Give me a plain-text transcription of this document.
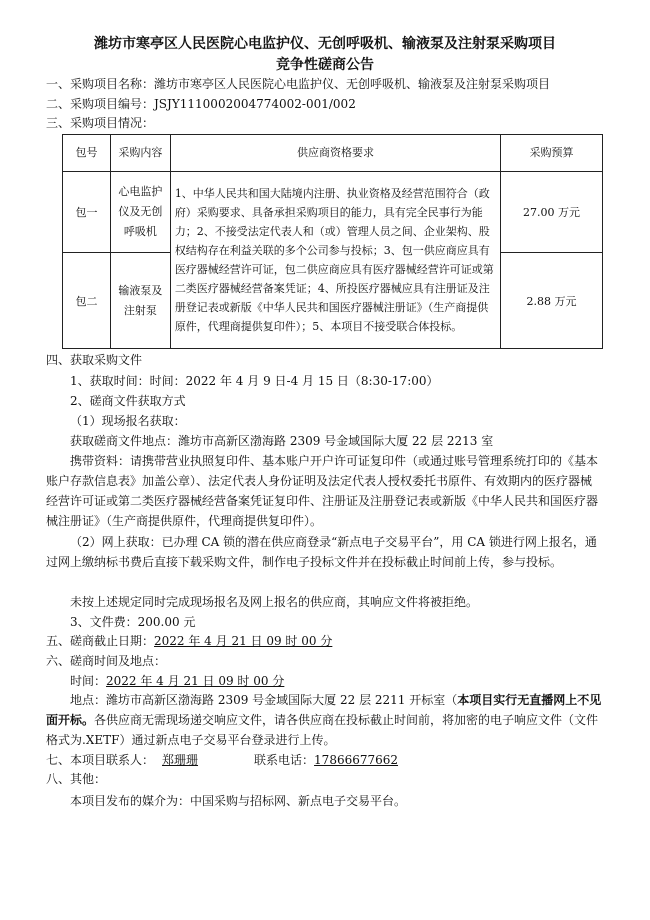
潍坊市寒亭区人民医院心电监护仪、无创呼吸机、输液泵及注射泵采购项目
竞争性磋商公告
一、采购项目名称：潍坊市寒亭区人民医院心电监护仪、无创呼吸机、输液泵及注射泵采购项目
二、采购项目编号：JSJY1110002004774002-001/002
三、采购项目情况：
包号	采购内容	供应商资格要求	采购预算
包一	心电监护仪及无创呼吸机	1、中华人民共和国大陆境内注册、执业资格及经营范围符合（政府）采购要求、具备承担采购项目的能力，具有完全民事行为能力；2、不接受法定代表人和（或）管理人员之间、企业架构、股权结构存在利益关联的多个公司参与投标；3、包一供应商应具有医疗器械经营许可证，包二供应商应具有医疗器械经营许可证或第二类医疗器械经营备案凭证；4、所投医疗器械应具有注册证及注册登记表或新版《中华人民共和国医疗器械注册证》（生产商提供原件，代理商提供复印件）；5、本项目不接受联合体投标。	27.00 万元
包二	输液泵及注射泵		2.88 万元
四、获取采购文件
1、获取时间：时间：2022 年 4 月 9 日-4 月 15 日（8:30-17:00）
2、磋商文件获取方式
（1）现场报名获取：
获取磋商文件地点：潍坊市高新区渤海路 2309 号金域国际大厦 22 层 2213 室
携带资料：请携带营业执照复印件、基本账户开户许可证复印件（或通过账号管理系统打印的《基本账户存款信息表》加盖公章）、法定代表人身份证明及法定代表人授权委托书原件、有效期内的医疗器械经营许可证或第二类医疗器械经营备案凭证复印件、注册证及注册登记表或新版《中华人民共和国医疗器械注册证》（生产商提供原件，代理商提供复印件）。
（2）网上获取：已办理 CA 锁的潜在供应商登录“新点电子交易平台”，用 CA 锁进行网上报名，通过网上缴纳标书费后直接下载采购文件，制作电子投标文件并在投标截止时间前上传，参与投标。
未按上述规定同时完成现场报名及网上报名的供应商，其响应文件将被拒绝。
3、文件费：200.00 元
五、磋商截止日期：2022 年 4 月 21 日 09 时 00 分
六、磋商时间及地点：
时间：2022 年 4 月 21 日 09 时 00 分
地点：潍坊市高新区渤海路 2309 号金域国际大厦 22 层 2211 开标室（本项目实行无直播网上不见面开标。各供应商无需现场递交响应文件，请各供应商在投标截止时间前，将加密的电子响应文件（文件格式为.XETF）通过新点电子交易平台登录进行上传。
七、本项目联系人： 郑珊珊	联系电话：17866677662
八、其他：
本项目发布的媒介为：中国采购与招标网、新点电子交易平台。
